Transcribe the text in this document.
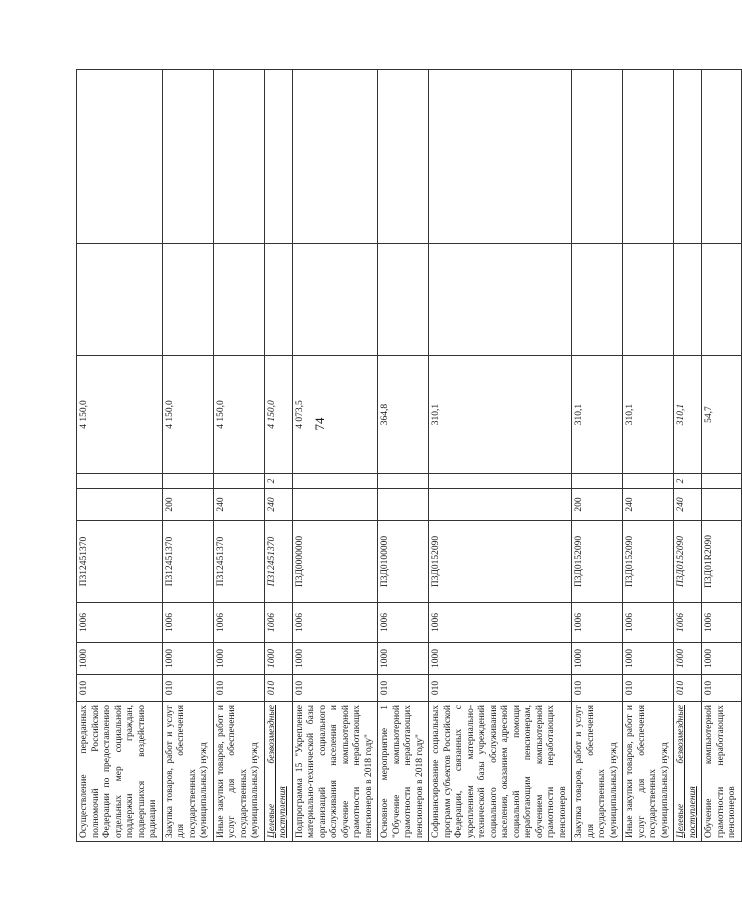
74
Осуществление переданных полномочий Российской Федерации по предоставлению отдельных мер социальной поддержки граждан, подвергшихся воздействию радиации	010	1000	1006	П312451370			4 150,0		
Закупка товаров, работ и услуг для обеспечения государственных (муниципальных) нужд	010	1000	1006	П312451370	200		4 150,0		
Иные закупки товаров, работ и услуг для обеспечения государственных (муниципальных) нужд	010	1000	1006	П312451370	240		4 150,0		
Целевые безвозмездные поступления	010	1000	1006	П312451370	240	2	4 150,0		
Подпрограмма 15 "Укрепление материально-технической базы организаций социального обслуживания населения и обучение компьютерной грамотности неработающих пенсионеров в 2018 году"	010	1000	1006	П3Д0000000			4 073,5		
Основное мероприятие 1 "Обучение компьютерной грамотности неработающих пенсионеров в 2018 году"	010	1000	1006	П3Д0100000			364,8		
Софинансирование социальных программ субъектов Российской Федерации, связанных с укреплением материально-технической базы учреждений социального обслуживания населения, оказанием адресной социальной помощи неработающим пенсионерам, обучением компьютерной грамотности неработающих пенсионеров	010	1000	1006	П3Д0152090			310,1		
Закупка товаров, работ и услуг для обеспечения государственных (муниципальных) нужд	010	1000	1006	П3Д0152090	200		310,1		
Иные закупки товаров, работ и услуг для обеспечения государственных (муниципальных) нужд	010	1000	1006	П3Д0152090	240		310,1		
Целевые безвозмездные поступления	010	1000	1006	П3Д0152090	240	2	310,1		
Обучение компьютерной грамотности неработающих пенсионеров	010	1000	1006	П3Д01R2090			54,7		
